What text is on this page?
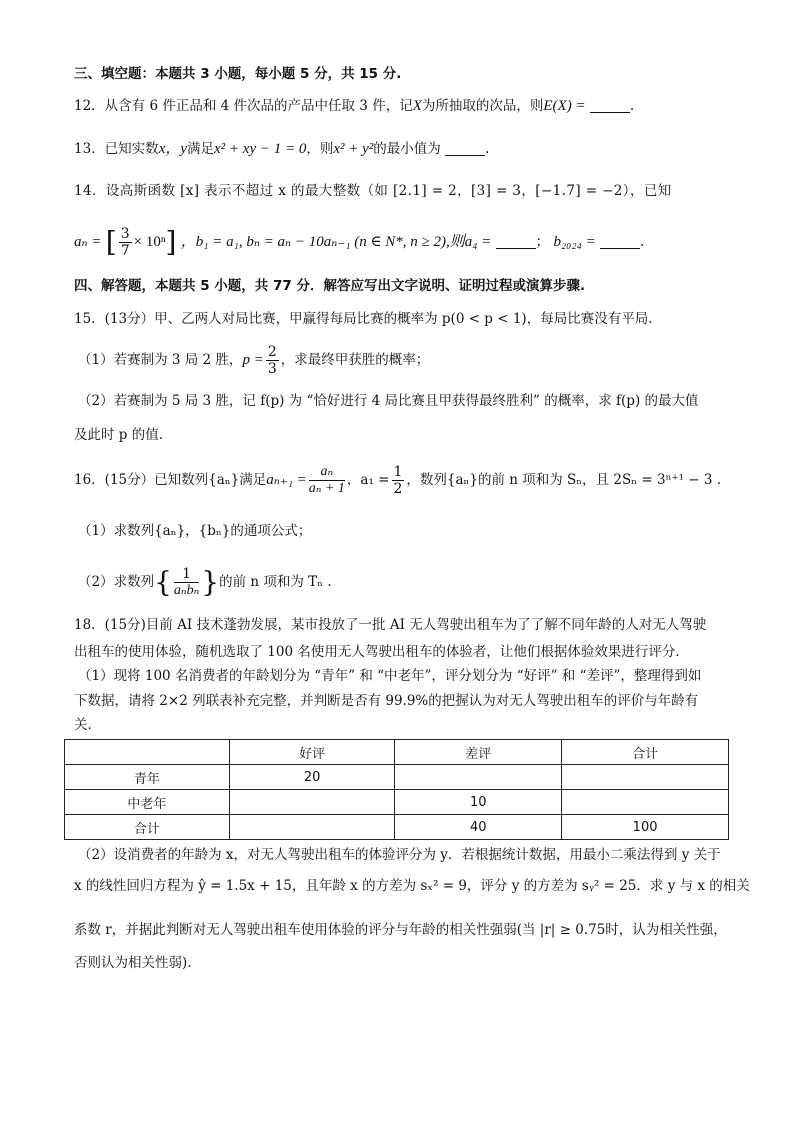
三、填空题：本题共 3 小题，每小题 5 分，共 15 分.
12．从含有 6 件正品和 4 件次品的产品中任取 3 件，记X为所抽取的次品，则E(X) =	.
13．已知实数x，y满足x² + xy − 1 = 0，则x² + y²的最小值为	.
14．设高斯函数 [x] 表示不超过 x 的最大整数（如 [2.1] = 2，[3] = 3，[−1.7] = −2），已知
aₙ = [ $\frac{3}{7} \times 10^n$] ，b₁ = a₁, bₙ = aₙ − 10aₙ₋₁ (n ∈ N*, n ≥ 2),则a₄ =	； b₂₀₂₄ =	.
四、解答题，本题共 5 小题，共 77 分．解答应写出文字说明、证明过程或演算步骤.
15．(13分）甲、乙两人对局比赛，甲赢得每局比赛的概率为 p(0 < p < 1)，每局比赛没有平局．
（1）若赛制为 3 局 2 胜，$p = \frac{2}{3}$ ，求最终甲获胜的概率；
（2）若赛制为 5 局 3 胜，记 f(p) 为 “恰好进行 4 局比赛且甲获得最终胜利” 的概率，求 f(p) 的最大值
及此时 p 的值.
16．(15分）已知数列{aₙ}满足$a_{n+1} = \frac{\text{aₙ}}{\text{aₙ + 1}}$ ，$a_1 = \frac{1}{2}$ ，数列{aₙ}的前 n 项和为 Sₙ，且 2Sₙ = 3ⁿ⁺¹ − 3 .
（1）求数列{aₙ}，{bₙ}的通项公式；
（2）求数列{ $\frac{1}{\text{aₙbₙ}}$ }的前 n 项和为 Tₙ .
18．(15分)目前 AI 技术蓬勃发展，某市投放了一批 AI 无人驾驶出租车为了了解不同年龄的人对无人驾驶
出租车的使用体验，随机选取了 100 名使用无人驾驶出租车的体验者，让他们根据体验效果进行评分．
（1）现将 100 名消费者的年龄划分为 “青年” 和 “中老年”，评分划分为 “好评” 和 “差评”，整理得到如
下数据，请将 2×2 列联表补充完整，并判断是否有 99.9%的把握认为对无人驾驶出租车的评价与年龄有
关．
	好评	差评	合计
青年	20		
中老年		10	
合计		40	100
（2）设消费者的年龄为 x，对无人驾驶出租车的体验评分为 y．若根据统计数据，用最小二乘法得到 y 关于
x 的线性回归方程为 ŷ = 1.5x + 15，且年龄 x 的方差为 sₓ² = 9，评分 y 的方差为 sᵧ² = 25．求 y 与 x 的相关
系数 r，并据此判断对无人驾驶出租车使用体验的评分与年龄的相关性强弱(当 |r| ≥ 0.75时，认为相关性强，
否则认为相关性弱).
